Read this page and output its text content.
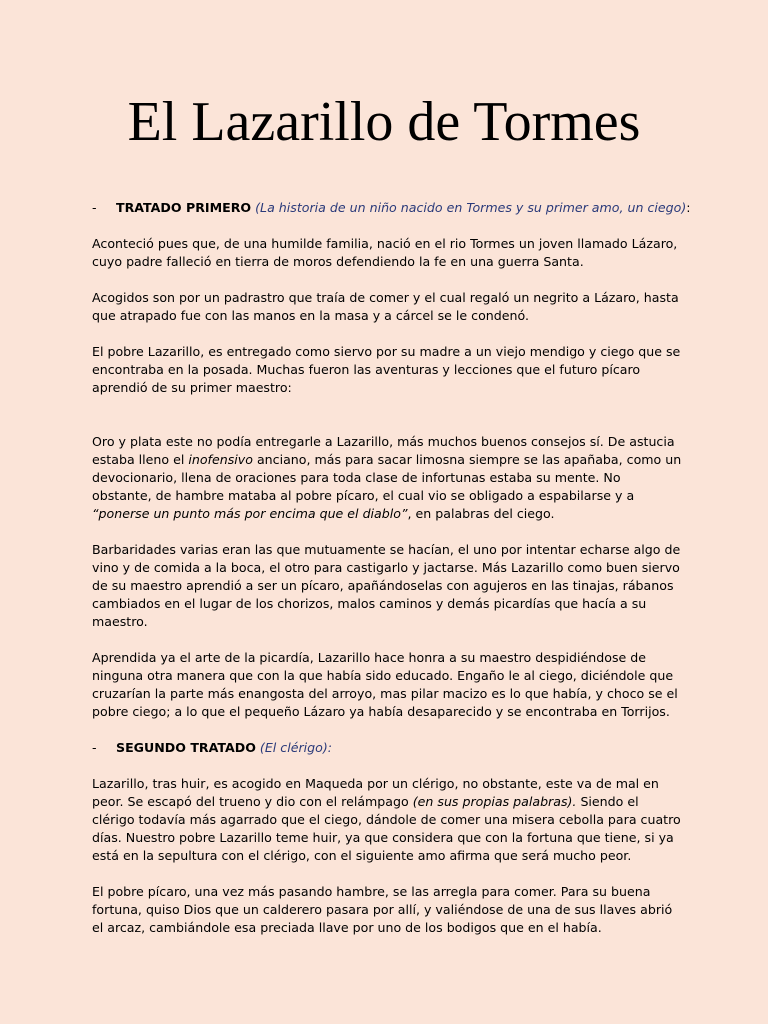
El Lazarillo de Tormes
- TRATADO PRIMERO (La historia de un niño nacido en Tormes y su primer amo, un ciego):

Aconteció pues que, de una humilde familia, nació en el rio Tormes un joven llamado Lázaro, cuyo padre falleció en tierra de moros defendiendo la fe en una guerra Santa.

Acogidos son por un padrastro que traía de comer y el cual regaló un negrito a Lázaro, hasta que atrapado fue con las manos en la masa y a cárcel se le condenó.

El pobre Lazarillo, es entregado como siervo por su madre a un viejo mendigo y ciego que se encontraba en la posada. Muchas fueron las aventuras y lecciones que el futuro pícaro aprendió de su primer maestro:

Oro y plata este no podía entregarle a Lazarillo, más muchos buenos consejos sí. De astucia estaba lleno el inofensivo anciano, más para sacar limosna siempre se las apañaba, como un devocionario, llena de oraciones para toda clase de infortunas estaba su mente. No obstante, de hambre mataba al pobre pícaro, el cual vio se obligado a espabilarse y a “ponerse un punto más por encima que el diablo”, en palabras del ciego.

Barbaridades varias eran las que mutuamente se hacían, el uno por intentar echarse algo de vino y de comida a la boca, el otro para castigarlo y jactarse. Más Lazarillo como buen siervo de su maestro aprendió a ser un pícaro, apañándoselas con agujeros en las tinajas, rábanos cambiados en el lugar de los chorizos, malos caminos y demás picardías que hacía a su maestro.

Aprendida ya el arte de la picardía, Lazarillo hace honra a su maestro despidiéndose de ninguna otra manera que con la que había sido educado. Engaño le al ciego, diciéndole que cruzarían la parte más enangosta del arroyo, mas pilar macizo es lo que había, y choco se el pobre ciego; a lo que el pequeño Lázaro ya había desaparecido y se encontraba en Torrijos.

- SEGUNDO TRATADO (El clérigo):

Lazarillo, tras huir, es acogido en Maqueda por un clérigo, no obstante, este va de mal en peor. Se escapó del trueno y dio con el relámpago (en sus propias palabras). Siendo el clérigo todavía más agarrado que el ciego, dándole de comer una misera cebolla para cuatro días. Nuestro pobre Lazarillo teme huir, ya que considera que con la fortuna que tiene, si ya está en la sepultura con el clérigo, con el siguiente amo afirma que será mucho peor.

El pobre pícaro, una vez más pasando hambre, se las arregla para comer. Para su buena fortuna, quiso Dios que un calderero pasara por allí, y valiéndose de una de sus llaves abrió el arcaz, cambiándole esa preciada llave por uno de los bodigos que en el había.
